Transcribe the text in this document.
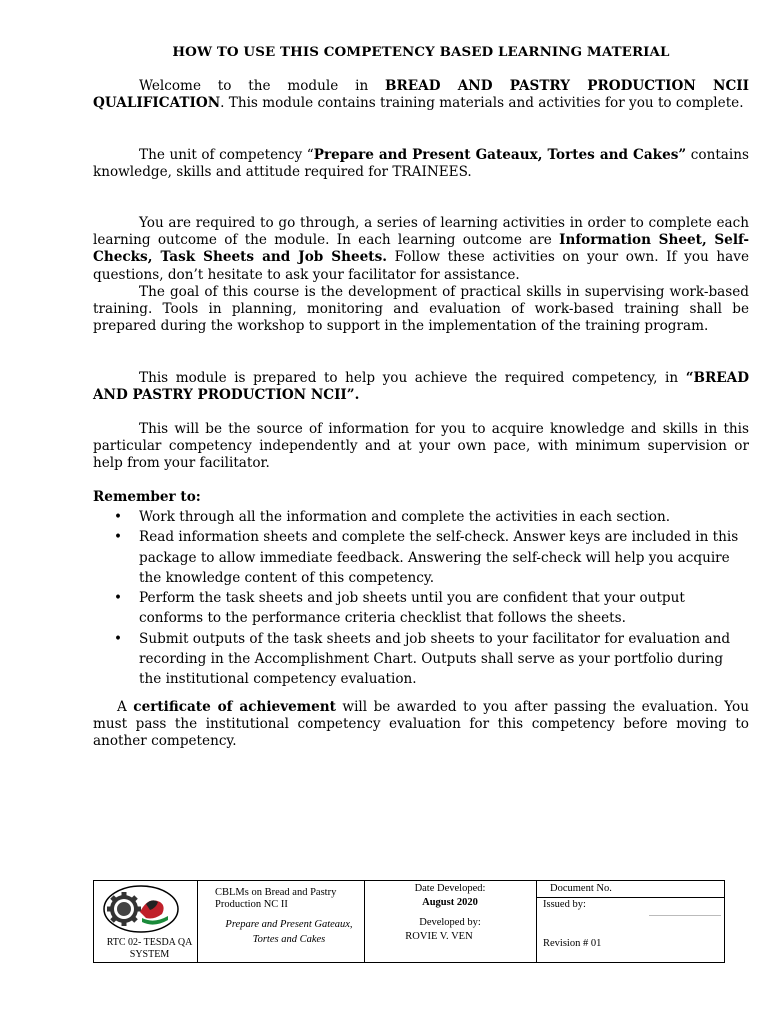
HOW TO USE THIS COMPETENCY BASED LEARNING MATERIAL

Welcome to the module in BREAD AND PASTRY PRODUCTION NCII QUALIFICATION. This module contains training materials and activities for you to complete.

The unit of competency “Prepare and Present Gateaux, Tortes and Cakes” contains knowledge, skills and attitude required for TRAINEES.

You are required to go through, a series of learning activities in order to complete each learning outcome of the module. In each learning outcome are Information Sheet, Self-Checks, Task Sheets and Job Sheets. Follow these activities on your own. If you have questions, don’t hesitate to ask your facilitator for assistance.

The goal of this course is the development of practical skills in supervising work-based training. Tools in planning, monitoring and evaluation of work-based training shall be prepared during the workshop to support in the implementation of the training program.

This module is prepared to help you achieve the required competency, in “BREAD AND PASTRY PRODUCTION NCII”.

This will be the source of information for you to acquire knowledge and skills in this particular competency independently and at your own pace, with minimum supervision or help from your facilitator.

Remember to:
• Work through all the information and complete the activities in each section.
• Read information sheets and complete the self-check. Answer keys are included in this package to allow immediate feedback. Answering the self-check will help you acquire the knowledge content of this competency.
• Perform the task sheets and job sheets until you are confident that your output conforms to the performance criteria checklist that follows the sheets.
• Submit outputs of the task sheets and job sheets to your facilitator for evaluation and recording in the Accomplishment Chart. Outputs shall serve as your portfolio during the institutional competency evaluation.

A certificate of achievement will be awarded to you after passing the evaluation. You must pass the institutional competency evaluation for this competency before moving to another competency.

RTC 02- TESDA QA SYSTEM
CBLMs on Bread and Pastry Production NC II
Prepare and Present Gateaux, Tortes and Cakes
Date Developed:
August 2020
Developed by:
ROVIE V. VEN
Document No.
Issued by:
Revision # 01
